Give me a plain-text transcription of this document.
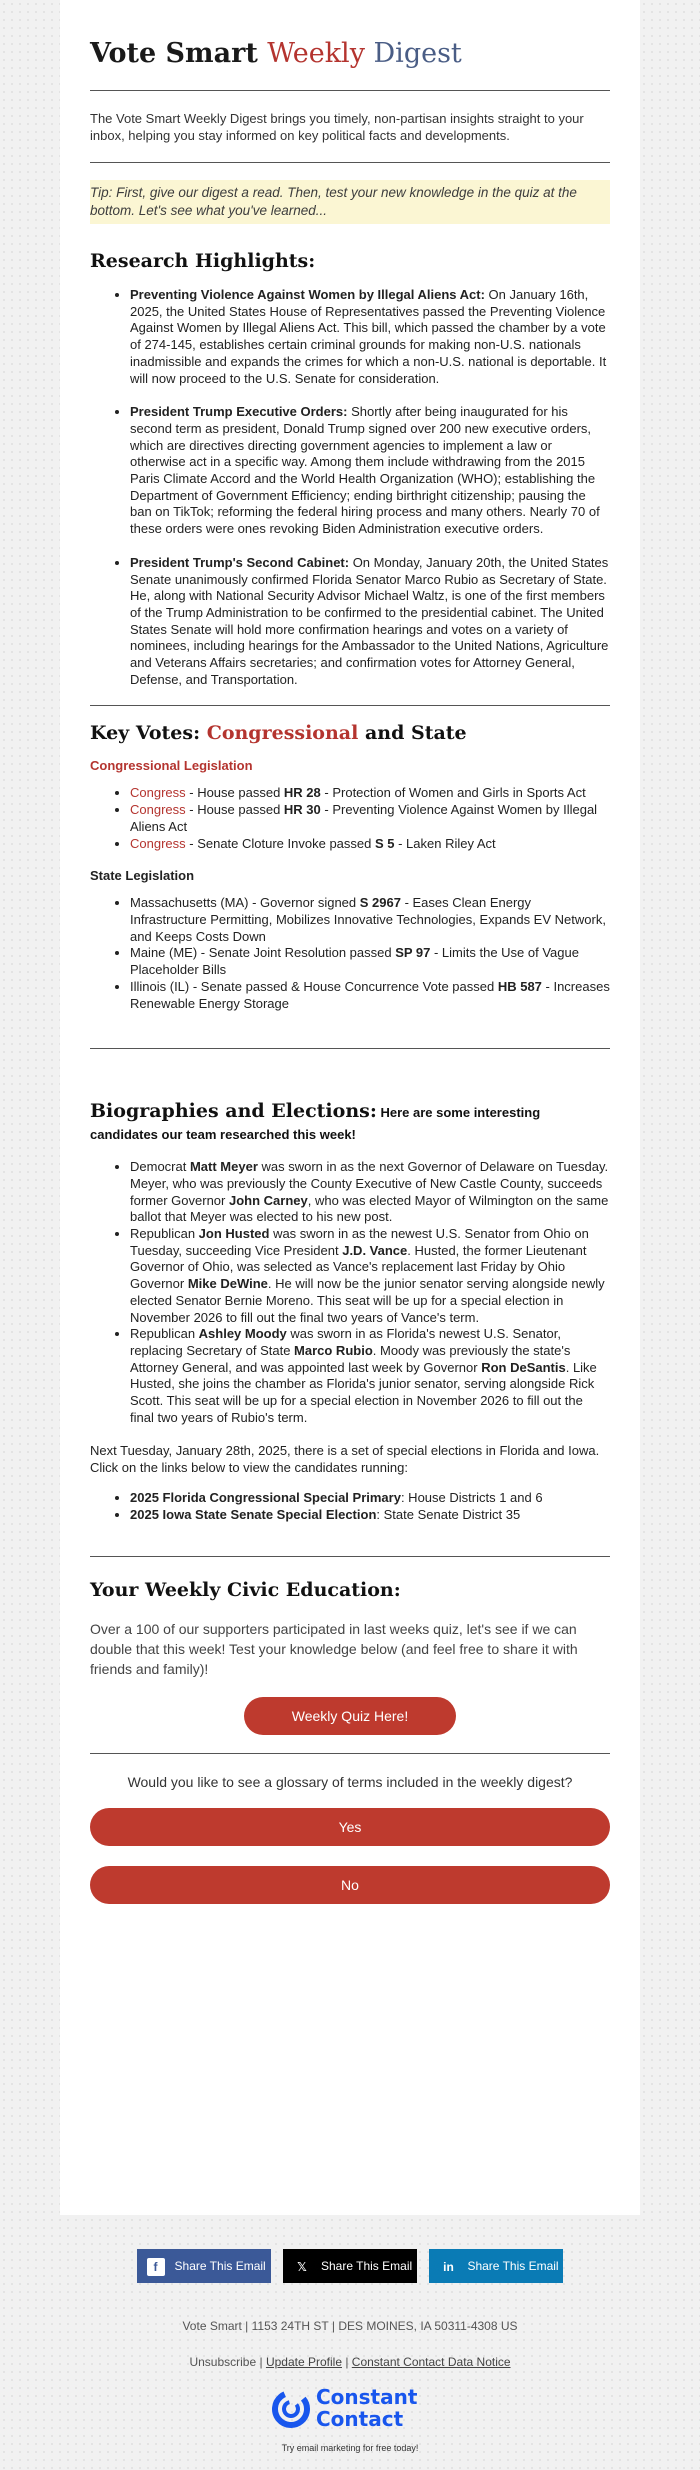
Vote Smart Weekly Digest

The Vote Smart Weekly Digest brings you timely, non-partisan insights straight to your inbox, helping you stay informed on key political facts and developments.

Tip: First, give our digest a read. Then, test your new knowledge in the quiz at the bottom. Let's see what you've learned...

Research Highlights:
• Preventing Violence Against Women by Illegal Aliens Act: On January 16th, 2025, the United States House of Representatives passed the Preventing Violence Against Women by Illegal Aliens Act. This bill, which passed the chamber by a vote of 274-145, establishes certain criminal grounds for making non-U.S. nationals inadmissible and expands the crimes for which a non-U.S. national is deportable. It will now proceed to the U.S. Senate for consideration.
• President Trump Executive Orders: Shortly after being inaugurated for his second term as president, Donald Trump signed over 200 new executive orders, which are directives directing government agencies to implement a law or otherwise act in a specific way. Among them include withdrawing from the 2015 Paris Climate Accord and the World Health Organization (WHO); establishing the Department of Government Efficiency; ending birthright citizenship; pausing the ban on TikTok; reforming the federal hiring process and many others. Nearly 70 of these orders were ones revoking Biden Administration executive orders.
• President Trump's Second Cabinet: On Monday, January 20th, the United States Senate unanimously confirmed Florida Senator Marco Rubio as Secretary of State. He, along with National Security Advisor Michael Waltz, is one of the first members of the Trump Administration to be confirmed to the presidential cabinet. The United States Senate will hold more confirmation hearings and votes on a variety of nominees, including hearings for the Ambassador to the United Nations, Agriculture and Veterans Affairs secretaries; and confirmation votes for Attorney General, Defense, and Transportation.
Key Votes: Congressional and State
Congressional Legislation
• Congress - House passed HR 28 - Protection of Women and Girls in Sports Act
• Congress - House passed HR 30 - Preventing Violence Against Women by Illegal Aliens Act
• Congress - Senate Cloture Invoke passed S 5 - Laken Riley Act
State Legislation
• Massachusetts (MA) - Governor signed S 2967 - Eases Clean Energy Infrastructure Permitting, Mobilizes Innovative Technologies, Expands EV Network, and Keeps Costs Down
• Maine (ME) - Senate Joint Resolution passed SP 97 - Limits the Use of Vague Placeholder Bills
• Illinois (IL) - Senate passed & House Concurrence Vote passed HB 587 - Increases Renewable Energy Storage
Biographies and Elections: Here are some interesting candidates our team researched this week!
• Democrat Matt Meyer was sworn in as the next Governor of Delaware on Tuesday. Meyer, who was previously the County Executive of New Castle County, succeeds former Governor John Carney, who was elected Mayor of Wilmington on the same ballot that Meyer was elected to his new post.
• Republican Jon Husted was sworn in as the newest U.S. Senator from Ohio on Tuesday, succeeding Vice President J.D. Vance. Husted, the former Lieutenant Governor of Ohio, was selected as Vance's replacement last Friday by Ohio Governor Mike DeWine. He will now be the junior senator serving alongside newly elected Senator Bernie Moreno. This seat will be up for a special election in November 2026 to fill out the final two years of Vance's term.
• Republican Ashley Moody was sworn in as Florida's newest U.S. Senator, replacing Secretary of State Marco Rubio. Moody was previously the state's Attorney General, and was appointed last week by Governor Ron DeSantis. Like Husted, she joins the chamber as Florida's junior senator, serving alongside Rick Scott. This seat will be up for a special election in November 2026 to fill out the final two years of Rubio's term.

Next Tuesday, January 28th, 2025, there is a set of special elections in Florida and Iowa. Click on the links below to view the candidates running:

• 2025 Florida Congressional Special Primary: House Districts 1 and 6
• 2025 Iowa State Senate Special Election: State Senate District 35
Your Weekly Civic Education:

Over a 100 of our supporters participated in last weeks quiz, let's see if we can double that this week! Test your knowledge below (and feel free to share it with friends and family)!

Weekly Quiz Here!

Would you like to see a glossary of terms included in the weekly digest?

Yes
No
f Share This Email	𝕏 Share This Email	in Share This Email
Vote Smart | 1153 24TH ST | DES MOINES, IA 50311-4308 US
Unsubscribe | Update Profile | Constant Contact Data Notice
Constant
Contact
Try email marketing for free today!
